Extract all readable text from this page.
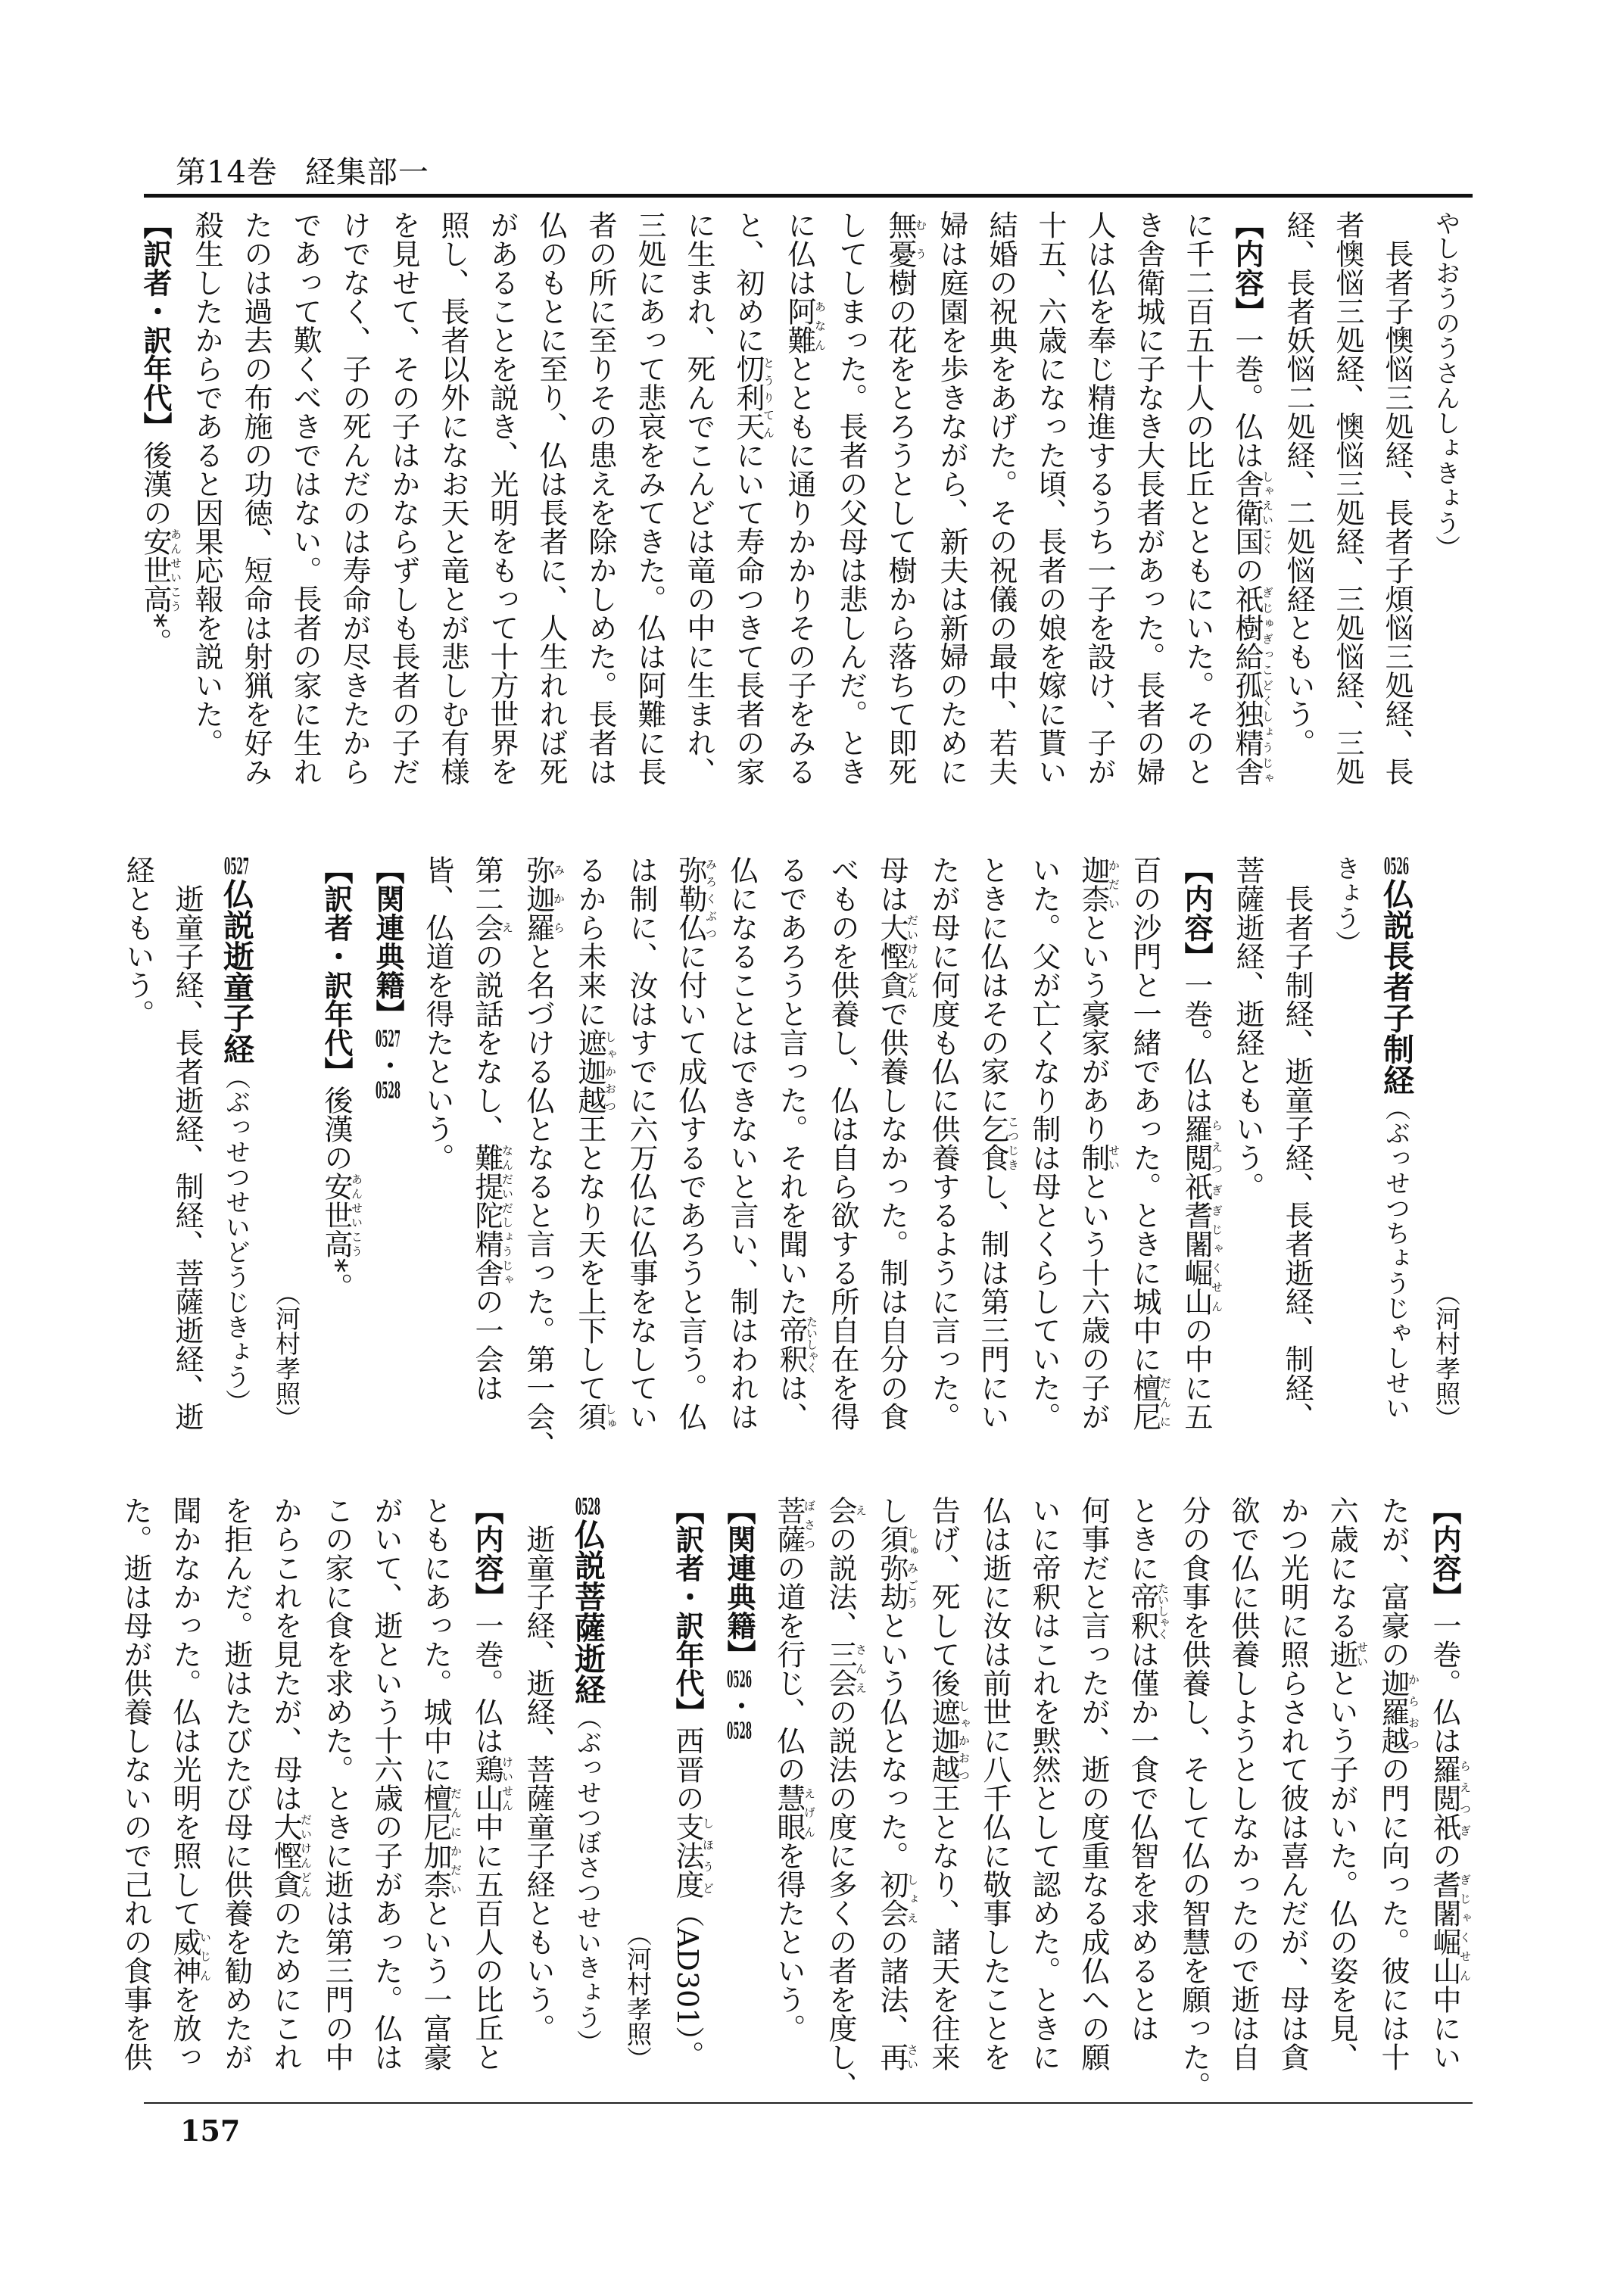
第14巻 経集部一
やしおうのうさんしょきょう）
長者子懊悩三処経、長者子煩悩三処経、長
者懊悩三処経、懊悩三処経、三処悩経、三処
経、長者妖悩二処経、二処悩経ともいう。
【内容】一巻。仏は舎衛国しゃえいこくの祇樹給孤独精舎ぎじゅぎっこどくしょうじゃ
に千二百五十人の比丘とともにいた。そのと
き舎衛城に子なき大長者があった。長者の婦
人は仏を奉じ精進するうち一子を設け、子が
十五、六歳になった頃、長者の娘を嫁に貰い
結婚の祝典をあげた。その祝儀の最中、若夫
婦は庭園を歩きながら、新夫は新婦のために
無憂むう樹の花をとろうとして樹から落ちて即死
してしまった。長者の父母は悲しんだ。とき
に仏は阿難あなんとともに通りかかりその子をみる
と、初めに忉利天とうりてんにいて寿命つきて長者の家
に生まれ、死んでこんどは竜の中に生まれ、
三処にあって悲哀をみてきた。仏は阿難に長
者の所に至りその患えを除かしめた。長者は
仏のもとに至り、仏は長者に、人生れれば死
があることを説き、光明をもって十方世界を
照し、長者以外になお天と竜とが悲しむ有様
を見せて、その子はかならずしも長者の子だ
けでなく、子の死んだのは寿命が尽きたから
であって歎くべきではない。長者の家に生れ
たのは過去の布施の功徳、短命は射猟を好み
殺生したからであると因果応報を説いた。
【訳者・訳年代】後漢の安世高あんせいこう*。
（河村孝照）
0526仏説長者子制経（ぶっせつちょうじゃしせい
きょう）
長者子制経、逝童子経、長者逝経、制経、
菩薩逝経、逝経ともいう。
【内容】一巻。仏は羅閲祇らえつぎ耆闍崛山ぎじゃくせんの中に五
百の沙門と一緒であった。ときに城中に檀尼だんに
迦柰かだいという豪家があり制せいという十六歳の子が
いた。父が亡くなり制は母とくらしていた。
ときに仏はその家に乞食こつじきし、制は第三門にい
たが母に何度も仏に供養するように言った。
母は大慳貪だいけんどんで供養しなかった。制は自分の食
べものを供養し、仏は自ら欲する所自在を得
るであろうと言った。それを聞いた帝釈たいしゃくは、
仏になることはできないと言い、制はわれは
弥勒仏みろくぶつに付いて成仏するであろうと言う。仏
は制に、汝はすでに六万仏に仏事をなしてい
るから未来に遮迦越しゃかおつ王となり天を上下して須しゅ
弥迦羅みからと名づける仏となると言った。第一会、
第二会えの説話をなし、難提陀精舎なんだいだしょうじゃの一会は
皆、仏道を得たという。
【関連典籍】0527・0528
【訳者・訳年代】後漢の安世高あんせいこう*。
（河村孝照）
0527仏説逝童子経（ぶっせつせいどうじきょう）
逝童子経、長者逝経、制経、菩薩逝経、逝
経ともいう。
【内容】一巻。仏は羅閲祇らえつぎの耆闍崛山ぎじゃくせん中にい
たが、富豪の迦羅越からおつの門に向った。彼には十
六歳になる逝せいという子がいた。仏の姿を見、
かつ光明に照らされて彼は喜んだが、母は貪
欲で仏に供養しようとしなかったので逝は自
分の食事を供養し、そして仏の智慧を願った。
ときに帝釈たいしゃくは僅か一食で仏智を求めるとは
何事だと言ったが、逝の度重なる成仏への願
いに帝釈はこれを黙然として認めた。ときに
仏は逝に汝は前世に八千仏に敬事したことを
告げ、死して後遮迦越しゃかおつ王となり、諸天を往来
し須弥劫しゅみごうという仏となった。初会しょえの諸法、再さい
会えの説法、三会さんえの説法の度に多くの者を度し、
菩薩ぼさつの道を行じ、仏の慧眼えげんを得たという。
【関連典籍】0526・0528
【訳者・訳年代】西晋の支法度しほうど（AD301）。
（河村孝照）
0528仏説菩薩逝経（ぶっせつぼさつせいきょう）
逝童子経、逝経、菩薩童子経ともいう。
【内容】一巻。仏は鶏山けいせん中に五百人の比丘と
ともにあった。城中に檀尼加柰だんにかだいという一富豪
がいて、逝という十六歳の子があった。仏は
この家に食を求めた。ときに逝は第三門の中
からこれを見たが、母は大慳貪だいけんどんのためにこれ
を拒んだ。逝はたびたび母に供養を勧めたが
聞かなかった。仏は光明を照して威神いじんを放っ
た。逝は母が供養しないので己れの食事を供
157
